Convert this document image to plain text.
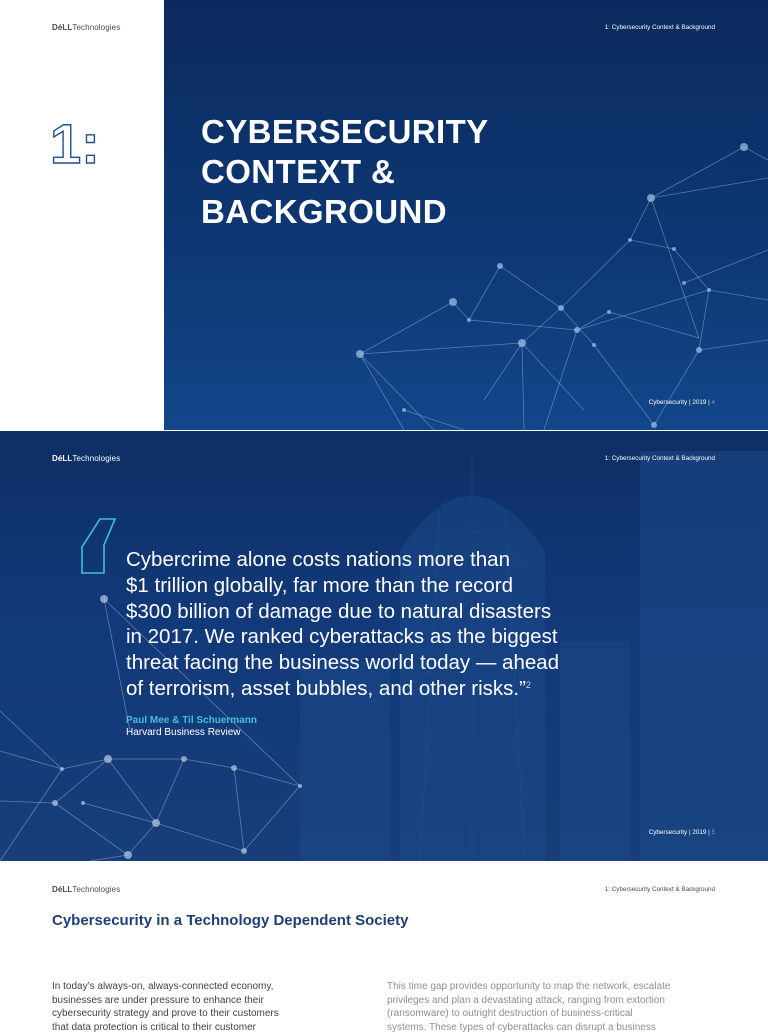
DéLLTechnologies	1: Cybersecurity Context & Background
1:	CYBERSECURITY
CONTEXT &
BACKGROUND
Cybersecurity | 2019 | 4
DéLLTechnologies	1: Cybersecurity Context & Background
Cybercrime alone costs nations more than
$1 trillion globally, far more than the record
$300 billion of damage due to natural disasters
in 2017. We ranked cyberattacks as the biggest
threat facing the business world today — ahead
of terrorism, asset bubbles, and other risks.”$^2$
Paul Mee & Til Schuermann
Harvard Business Review
Cybersecurity | 2019 | 5
DéLLTechnologies	1: Cybersecurity Context & Background
Cybersecurity in a Technology Dependent Society
In today’s always-on, always-connected economy,
businesses are under pressure to enhance their
cybersecurity strategy and prove to their customers
that data protection is critical to their customer
This time gap provides opportunity to map the network, escalate
privileges and plan a devastating attack, ranging from extortion
(ransomware) to outright destruction of business-critical
systems. These types of cyberattacks can disrupt a business
